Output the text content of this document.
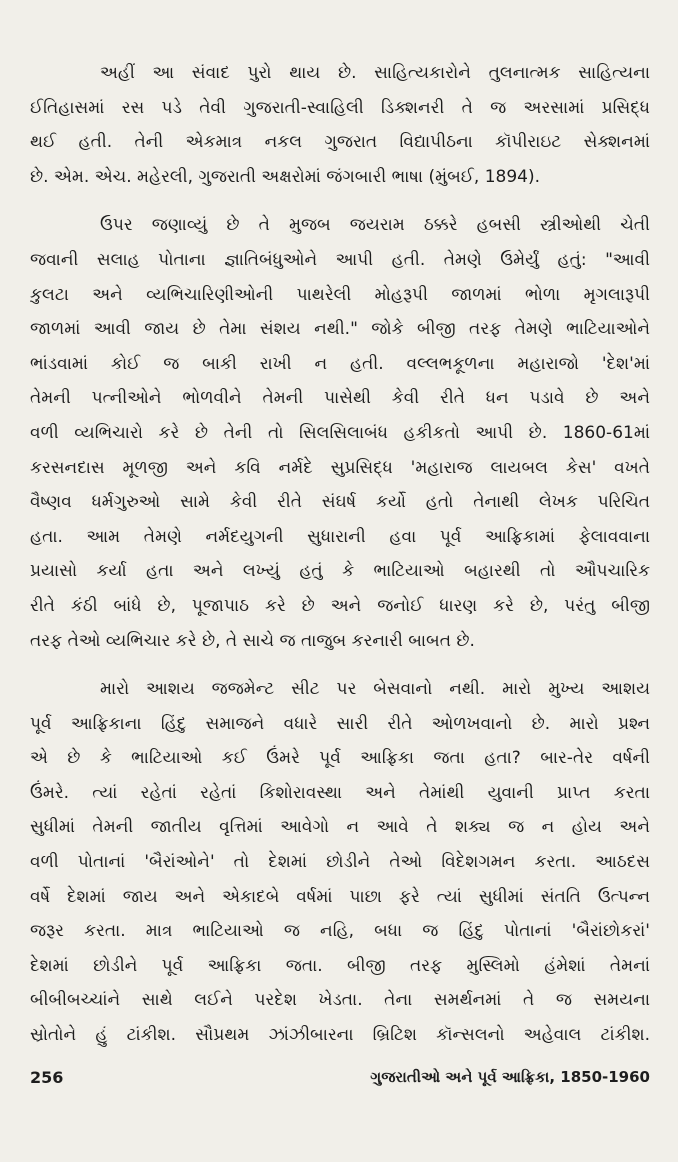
અહીં આ સંવાદ પુરો થાય છે. સાહિત્યકારોને તુલનાત્મક સાહિત્યના
ઈતિહાસમાં રસ પડે તેવી ગુજરાતી-સ્વાહિલી ડિક્શનરી તે જ અરસામાં પ્રસિદ્ધ
થઈ હતી. તેની એકમાત્ર નકલ ગુજરાત વિદ્યાપીઠના કૉપીરાઇટ સેક્શનમાં
છે. એમ. એચ. મહેરલી, ગુજરાતી અક્ષરોમાં જંગબારી ભાષા (મુંબઈ, 1894).
ઉપર જણાવ્યું છે તે મુજબ જયરામ ઠક્કરે હબસી સ્ત્રીઓથી ચેતી
જવાની સલાહ પોતાના જ્ઞાતિબંધુઓને આપી હતી. તેમણે ઉમેર્યું હતું: "આવી
કુલટા અને વ્યભિચારિણીઓની પાથરેલી મોહરૂપી જાળમાં ભોળા મૃગલારૂપી
જાળમાં આવી જાય છે તેમા સંશય નથી." જોકે બીજી તરફ તેમણે ભાટિયાઓને
ભાંડવામાં કોઈ જ બાકી રાખી ન હતી. વલ્લભકૂળના મહારાજો 'દેશ'માં
તેમની પત્નીઓને ભોળવીને તેમની પાસેથી કેવી રીતે ધન પડાવે છે અને
વળી વ્યભિચારો કરે છે તેની તો સિલસિલાબંધ હકીકતો આપી છે. 1860-61માં
કરસનદાસ મૂળજી અને કવિ નર્મદે સુપ્રસિદ્ધ 'મહારાજ લાયબલ કેસ' વખતે
વૈષ્ણવ ધર્મગુરુઓ સામે કેવી રીતે સંઘર્ષ કર્યો હતો તેનાથી લેખક પરિચિત
હતા. આમ તેમણે નર્મદયુગની સુધારાની હવા પૂર્વ આફ્રિકામાં ફેલાવવાના
પ્રયાસો કર્યા હતા અને લખ્યું હતું કે ભાટિયાઓ બહારથી તો ઔપચારિક
રીતે કંઠી બાંધે છે, પૂજાપાઠ કરે છે અને જનોઈ ધારણ કરે છે, પરંતુ બીજી
તરફ તેઓ વ્યભિચાર કરે છે, તે સાચે જ તાજુબ કરનારી બાબત છે.
મારો આશય જજમેન્ટ સીટ પર બેસવાનો નથી. મારો મુખ્ય આશય
પૂર્વ આફ્રિકાના હિંદુ સમાજને વધારે સારી રીતે ઓળખવાનો છે. મારો પ્રશ્ન
એ છે કે ભાટિયાઓ કઈ ઉંમરે પૂર્વ આફ્રિકા જતા હતા? બાર-તેર વર્ષની
ઉંમરે. ત્યાં રહેતાં રહેતાં કિશોરાવસ્થા અને તેમાંથી યુવાની પ્રાપ્ત કરતા
સુધીમાં તેમની જાતીય વૃત્તિમાં આવેગો ન આવે તે શક્ય જ ન હોય અને
વળી પોતાનાં 'બૈરાંઓને' તો દેશમાં છોડીને તેઓ વિદેશગમન કરતા. આઠદસ
વર્ષે દેશમાં જાય અને એકાદબે વર્ષમાં પાછા ફરે ત્યાં સુધીમાં સંતતિ ઉત્પન્ન
જરૂર કરતા. માત્ર ભાટિયાઓ જ નહિ, બધા જ હિંદુ પોતાનાં 'બૈરાંછોકરાં'
દેશમાં છોડીને પૂર્વ આફ્રિકા જતા. બીજી તરફ મુસ્લિમો હંમેશાં તેમનાં
બીબીબચ્ચાંને સાથે લઈને પરદેશ ખેડતા. તેના સમર્થનમાં તે જ સમયના
સ્રોતોને હું ટાંકીશ. સૌપ્રથમ ઝાંઝીબારના બ્રિટિશ કૉન્સલનો અહેવાલ ટાંકીશ.
256	ગુજરાતીઓ અને પૂર્વ આફ્રિકા, 1850-1960
